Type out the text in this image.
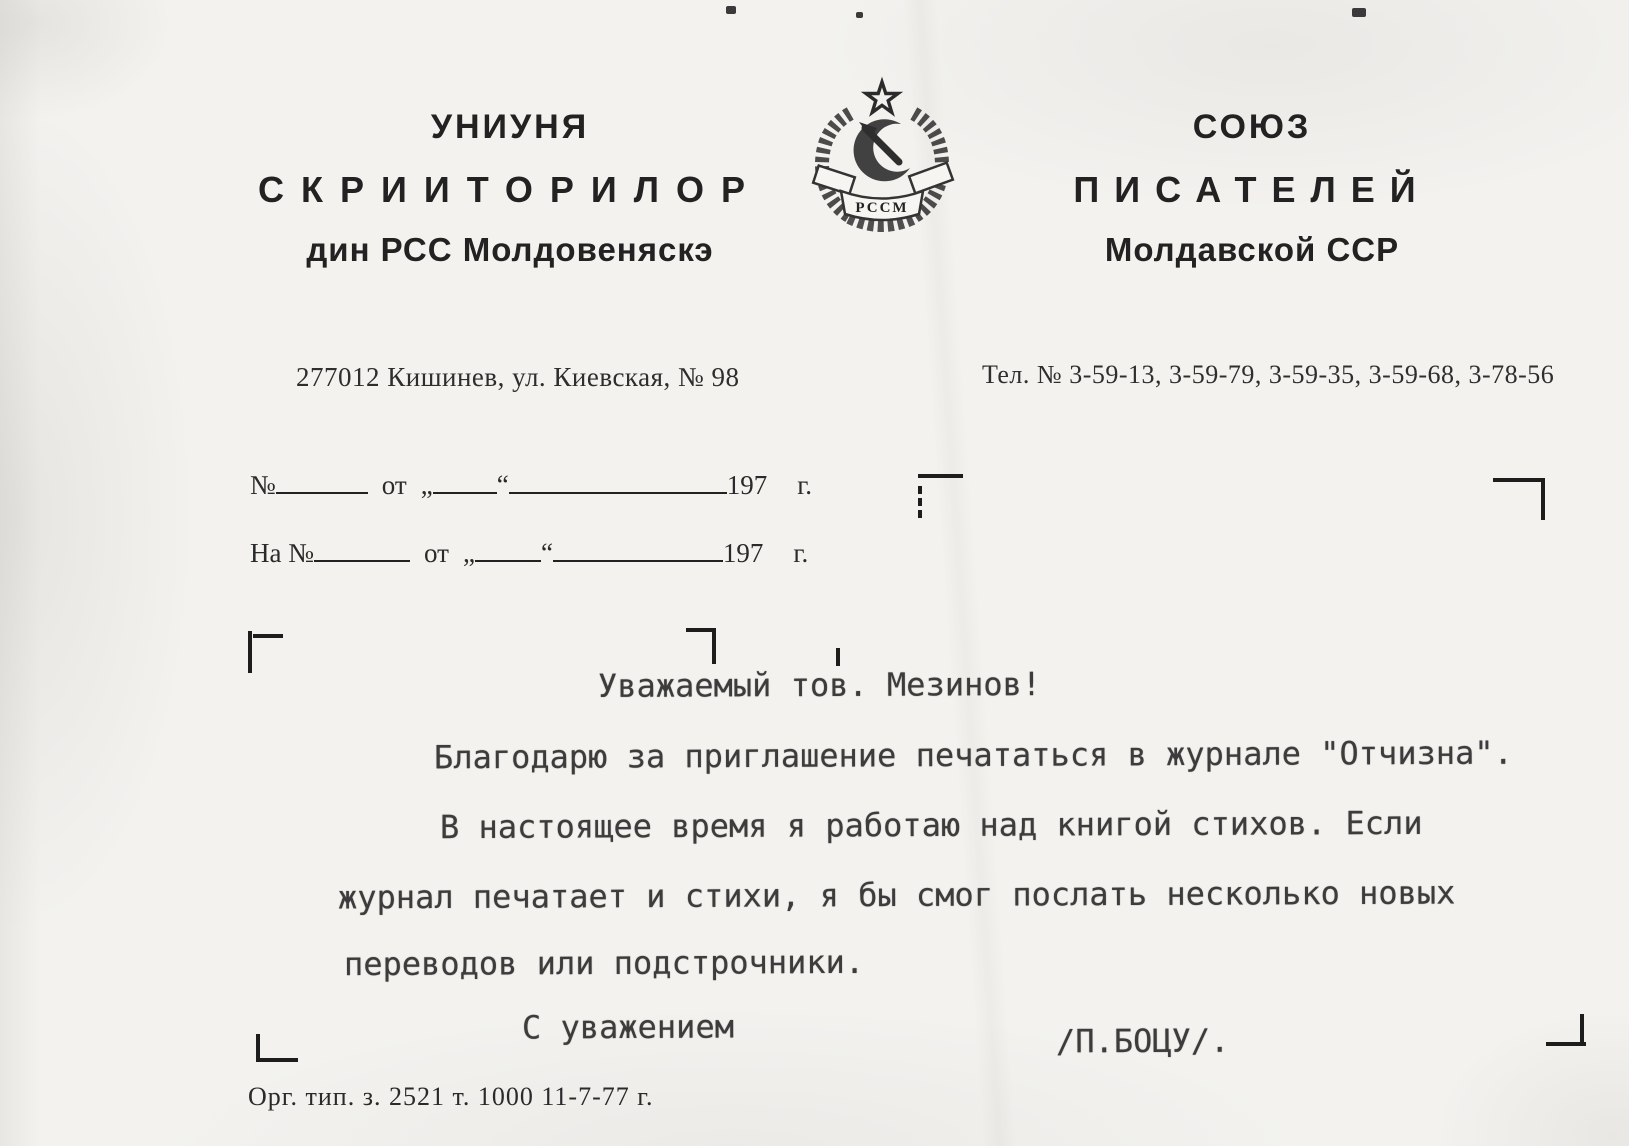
УНИУНЯ
СКРИИТОРИЛОР
дин РСС Молдовеняскэ
РССМ
СОЮЗ
ПИСАТЕЛЕЙ
Молдавской ССР
277012 Кишинев, ул. Киевская, № 98	Тел. № 3-59-13, 3-59-79, 3-59-35, 3-59-68, 3-78-56
№	от „ “	197 г.
На №	от „ “	197 г.
Уважаемый тов. Мезинов!
Благодарю за приглашение печататься в журнале "Отчизна".
В настоящее время я работаю над книгой стихов. Если
журнал печатает и стихи, я бы смог послать несколько новых
переводов или подстрочники.
С уважением	/П.БОЦУ/.
Орг. тип. з. 2521 т. 1000 11-7-77 г.
